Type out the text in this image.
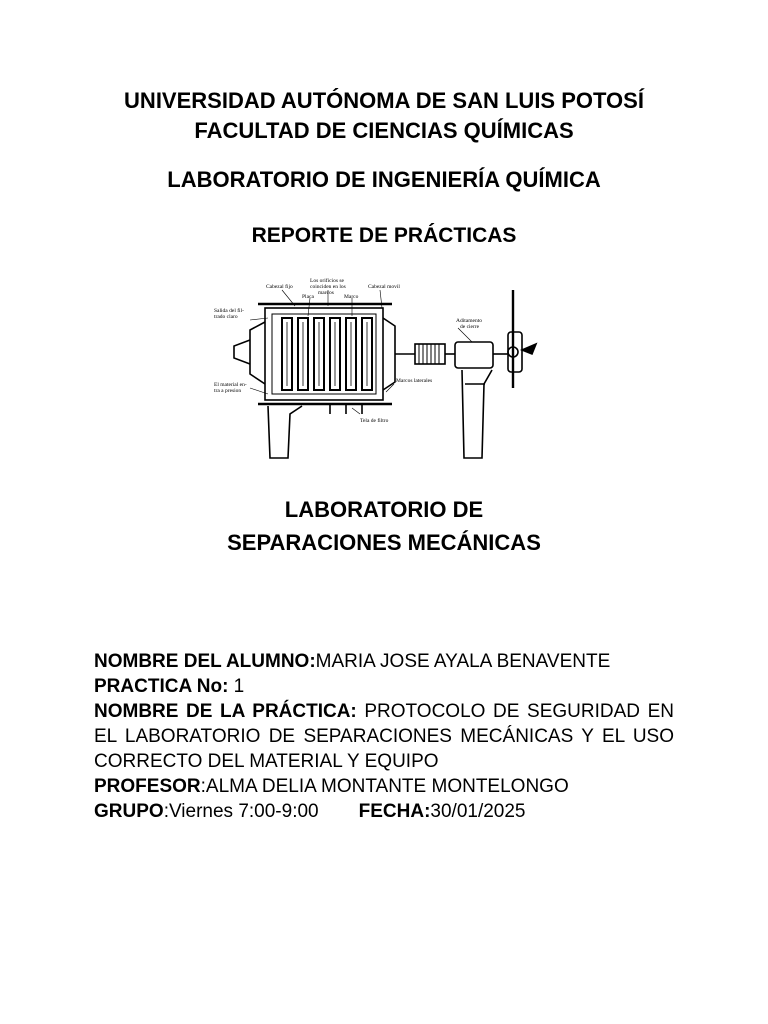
UNIVERSIDAD AUTÓNOMA DE SAN LUIS POTOSÍ
FACULTAD DE CIENCIAS QUÍMICAS
LABORATORIO DE INGENIERÍA QUÍMICA
REPORTE DE PRÁCTICAS
Cabezal fijo
Los orificios se coinciden en los marcos
Placa	Marco
Cabezal movil
Salida del fil-trado claro
Aditamento de cierre
El material en-tra a presion
Tela de filtro
Marcos laterales
LABORATORIO DE
SEPARACIONES MECÁNICAS
NOMBRE DEL ALUMNO:MARIA JOSE AYALA BENAVENTE
PRACTICA No: 1
NOMBRE DE LA PRÁCTICA: PROTOCOLO DE SEGURIDAD EN EL LABORATORIO DE SEPARACIONES MECÁNICAS Y EL USO CORRECTO DEL MATERIAL Y EQUIPO
PROFESOR:ALMA DELIA MONTANTE MONTELONGO
GRUPO:Viernes 7:00-9:00 FECHA:30/01/2025
